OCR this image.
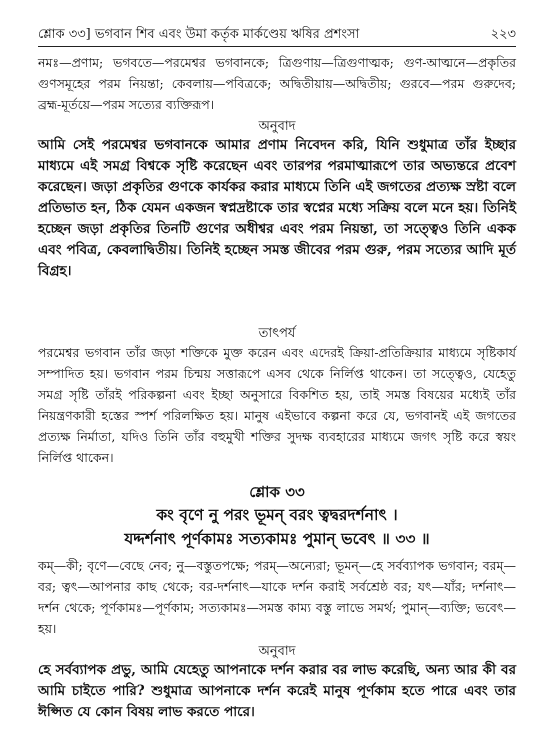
শ্লোক ৩৩] ভগবান শিব এবং উমা কর্তৃক মার্কণ্ডেয় ঋষির প্রশংসা	২২৩

নমঃ—প্রণাম; ভগবতে—পরমেশ্বর ভগবানকে; ত্রিগুণায়—ত্রিগুণাত্মক; গুণ-আত্মনে—প্রকৃতির গুণসমূহের পরম নিয়ন্তা; কেবলায়—পবিত্রকে; অদ্বিতীয়ায়—অদ্বিতীয়; গুরবে—পরম গুরুদেব; ব্রহ্ম-মূর্তয়ে—পরম সত্যের ব্যক্তিরূপ।

অনুবাদ

আমি সেই পরমেশ্বর ভগবানকে আমার প্রণাম নিবেদন করি, যিনি শুধুমাত্র তাঁর ইচ্ছার মাধ্যমে এই সমগ্র বিশ্বকে সৃষ্টি করেছেন এবং তারপর পরমাত্মারূপে তার অভ্যন্তরে প্রবেশ করেছেন। জড়া প্রকৃতির গুণকে কার্যকর করার মাধ্যমে তিনি এই জগতের প্রত্যক্ষ স্রষ্টা বলে প্রতিভাত হন, ঠিক যেমন একজন স্বপ্নদ্রষ্টাকে তার স্বপ্নের মধ্যে সক্রিয় বলে মনে হয়। তিনিই হচ্ছেন জড়া প্রকৃতির তিনটি গুণের অধীশ্বর এবং পরম নিয়ন্তা, তা সত্ত্বেও তিনি একক এবং পবিত্র, কেবলাদ্বিতীয়। তিনিই হচ্ছেন সমস্ত জীবের পরম গুরু, পরম সত্যের আদি মূর্ত বিগ্রহ।

তাৎপর্য

পরমেশ্বর ভগবান তাঁর জড়া শক্তিকে মুক্ত করেন এবং এদেরই ক্রিয়া-প্রতিক্রিয়ার মাধ্যমে সৃষ্টিকার্য সম্পাদিত হয়। ভগবান পরম চিন্ময় সত্তারূপে এসব থেকে নির্লিপ্ত থাকেন। তা সত্ত্বেও, যেহেতু সমগ্র সৃষ্টি তাঁরই পরিকল্পনা এবং ইচ্ছা অনুসারে বিকশিত হয়, তাই সমস্ত বিষয়ের মধ্যেই তাঁর নিয়ন্ত্রণকারী হস্তের স্পর্শ পরিলক্ষিত হয়। মানুষ এইভাবে কল্পনা করে যে, ভগবানই এই জগতের প্রত্যক্ষ নির্মাতা, যদিও তিনি তাঁর বহুমুখী শক্তির সুদক্ষ ব্যবহারের মাধ্যমে জগৎ সৃষ্টি করে স্বয়ং নির্লিপ্ত থাকেন।

শ্লোক ৩৩

কং বৃণে নু পরং ভূমন্ বরং ত্বদ্বরদর্শনাৎ ।

যদ্দর্শনাৎ পূর্ণকামঃ সত্যকামঃ পুমান্ ভবেৎ ॥ ৩৩ ॥

কম্—কী; বৃণে—বেছে নেব; নু—বস্তুতপক্ষে; পরম্—অন্যেরা; ভূমন্—হে সর্বব্যাপক ভগবান; বরম্—বর; ত্বৎ—আপনার কাছ থেকে; বর-দর্শনাৎ—যাকে দর্শন করাই সর্বশ্রেষ্ঠ বর; যৎ—যাঁর; দর্শনাৎ—দর্শন থেকে; পূর্ণকামঃ—পূর্ণকাম; সত্যকামঃ—সমস্ত কাম্য বস্তু লাভে সমর্থ; পুমান্—ব্যক্তি; ভবেৎ—হয়।

অনুবাদ

হে সর্বব্যাপক প্রভু, আমি যেহেতু আপনাকে দর্শন করার বর লাভ করেছি, অন্য আর কী বর আমি চাইতে পারি? শুধুমাত্র আপনাকে দর্শন করেই মানুষ পূর্ণকাম হতে পারে এবং তার ঈপ্সিত যে কোন বিষয় লাভ করতে পারে।
